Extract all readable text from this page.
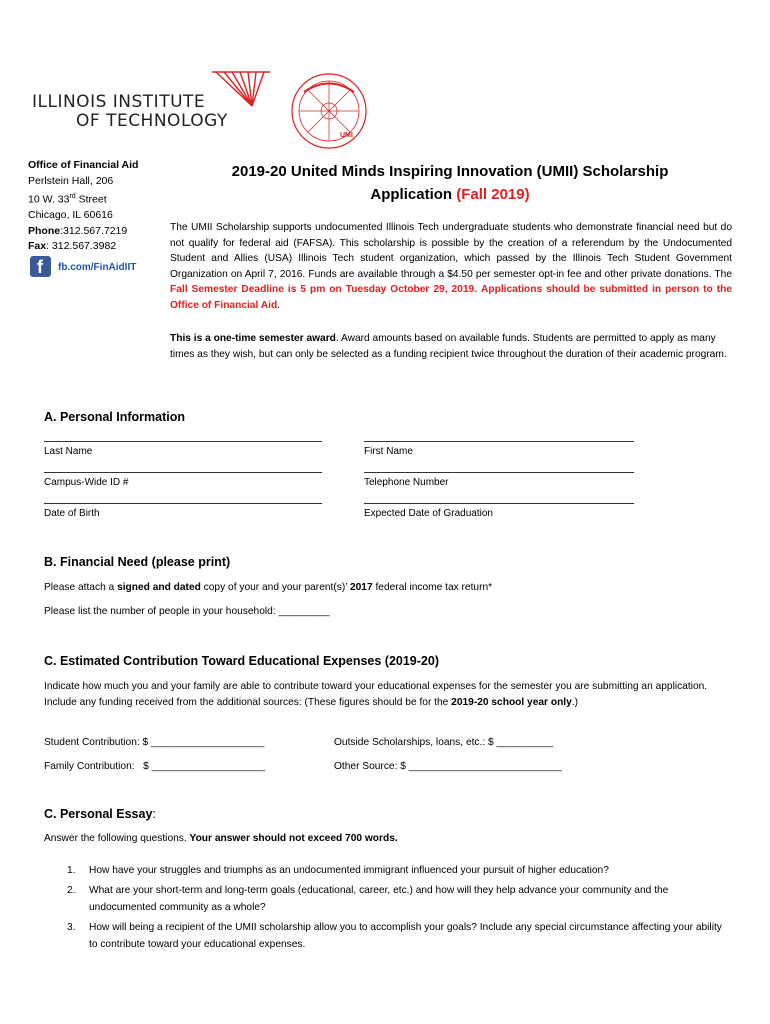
ILLINOIS INSTITUTE
OF TECHNOLOGY
UMI
Office of Financial Aid
Perlstein Hall, 206
10 W. 33rd Street
Chicago, IL 60616
Phone:312.567.7219
Fax: 312.567.3982
f fb.com/FinAidIIT
2019-20 United Minds Inspiring Innovation (UMII) Scholarship
Application (Fall 2019)
The UMII Scholarship supports undocumented Illinois Tech undergraduate students who demonstrate financial need but do not qualify for federal aid (FAFSA). This scholarship is possible by the creation of a referendum by the Undocumented Student and Allies (USA) Illinois Tech student organization, which passed by the Illinois Tech Student Government Organization on April 7, 2016. Funds are available through a $4.50 per semester opt-in fee and other private donations. The Fall Semester Deadline is 5 pm on Tuesday October 29, 2019. Applications should be submitted in person to the Office of Financial Aid.
This is a one-time semester award. Award amounts based on available funds. Students are permitted to apply as many times as they wish, but can only be selected as a funding recipient twice throughout the duration of their academic program.
A. Personal Information
Last Name	First Name
Campus-Wide ID #	Telephone Number
Date of Birth	Expected Date of Graduation
B. Financial Need (please print)
Please attach a signed and dated copy of your and your parent(s)’ 2017 federal income tax return*
Please list the number of people in your household: _________
C. Estimated Contribution Toward Educational Expenses (2019-20)
Indicate how much you and your family are able to contribute toward your educational expenses for the semester you are submitting an application. Include any funding received from the additional sources: (These figures should be for the 2019-20 school year only.)
Student Contribution: $ ____________________	Outside Scholarships, loans, etc.: $ __________
Family Contribution:   $ ____________________	Other Source: $ ___________________________
C. Personal Essay:
Answer the following questions. Your answer should not exceed 700 words.
1. How have your struggles and triumphs as an undocumented immigrant influenced your pursuit of higher education?
2. What are your short-term and long-term goals (educational, career, etc.) and how will they help advance your community and the undocumented community as a whole?
3. How will being a recipient of the UMII scholarship allow you to accomplish your goals? Include any special circumstance affecting your ability to contribute toward your educational expenses.
